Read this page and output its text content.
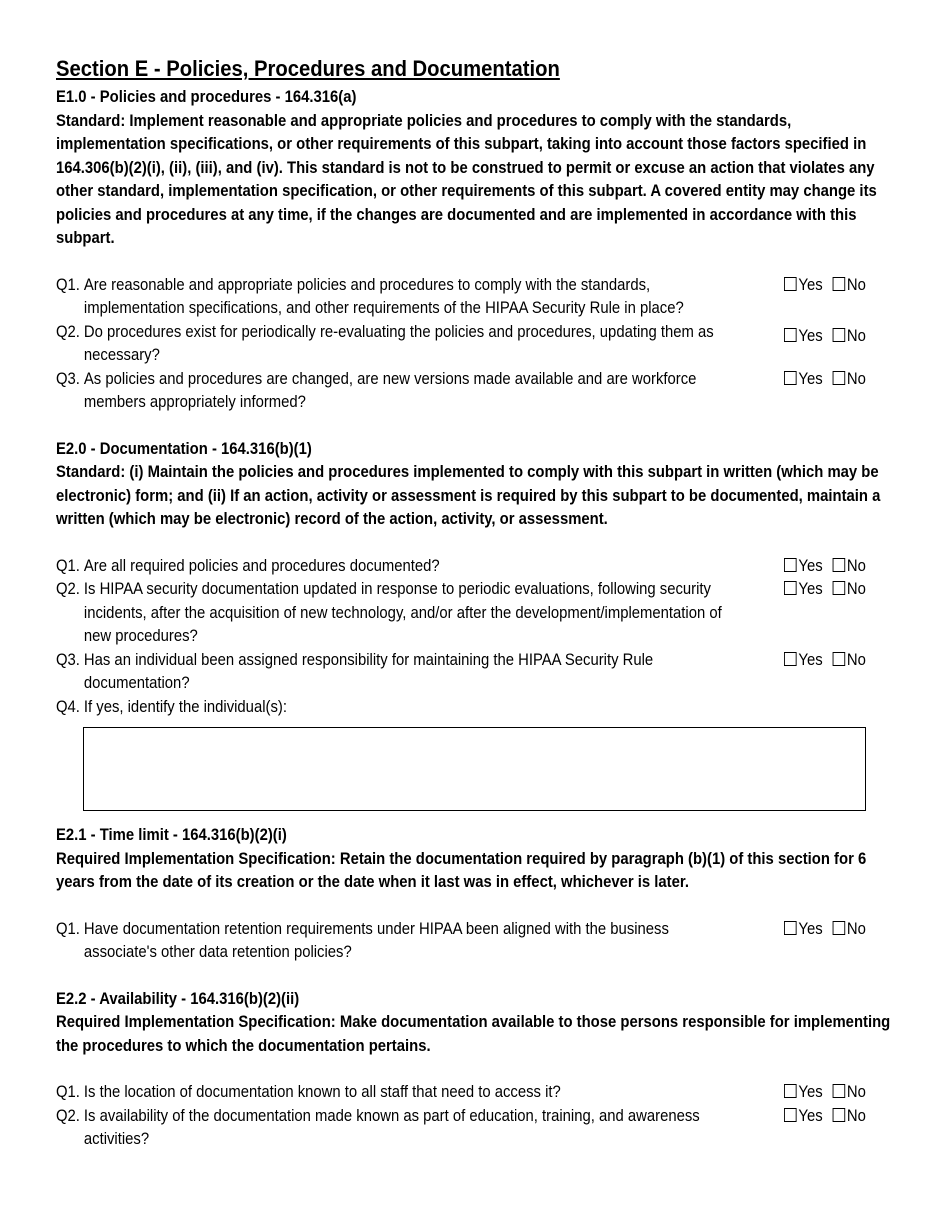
Section E - Policies, Procedures and Documentation
E1.0 - Policies and procedures - 164.316(a)
Standard: Implement reasonable and appropriate policies and procedures to comply with the standards, implementation specifications, or other requirements of this subpart, taking into account those factors specified in 164.306(b)(2)(i), (ii), (iii), and (iv). This standard is not to be construed to permit or excuse an action that violates any other standard, implementation specification, or other requirements of this subpart. A covered entity may change its policies and procedures at any time, if the changes are documented and are implemented in accordance with this subpart.
Q1. Are reasonable and appropriate policies and procedures to comply with the standards,
implementation specifications, and other requirements of the HIPAA Security Rule in place?
Yes No
Q2. Do procedures exist for periodically re-evaluating the policies and procedures, updating them as
necessary?
Yes No
Q3. As policies and procedures are changed, are new versions made available and are workforce
members appropriately informed?
Yes No
E2.0 - Documentation - 164.316(b)(1)
Standard: (i) Maintain the policies and procedures implemented to comply with this subpart in written (which may be electronic) form; and (ii) If an action, activity or assessment is required by this subpart to be documented, maintain a written (which may be electronic) record of the action, activity, or assessment.
Q1. Are all required policies and procedures documented?	Yes No
Q2. Is HIPAA security documentation updated in response to periodic evaluations, following security
incidents, after the acquisition of new technology, and/or after the development/implementation of
new procedures?
Yes No
Q3. Has an individual been assigned responsibility for maintaining the HIPAA Security Rule
documentation?
Yes No
Q4. If yes, identify the individual(s):
E2.1 - Time limit - 164.316(b)(2)(i)
Required Implementation Specification: Retain the documentation required by paragraph (b)(1) of this section for 6 years from the date of its creation or the date when it last was in effect, whichever is later.
Q1. Have documentation retention requirements under HIPAA been aligned with the business
associate's other data retention policies?
Yes No
E2.2 - Availability - 164.316(b)(2)(ii)
Required Implementation Specification: Make documentation available to those persons responsible for implementing the procedures to which the documentation pertains.
Q1. Is the location of documentation known to all staff that need to access it?	Yes No
Q2. Is availability of the documentation made known as part of education, training, and awareness
activities?
Yes No
